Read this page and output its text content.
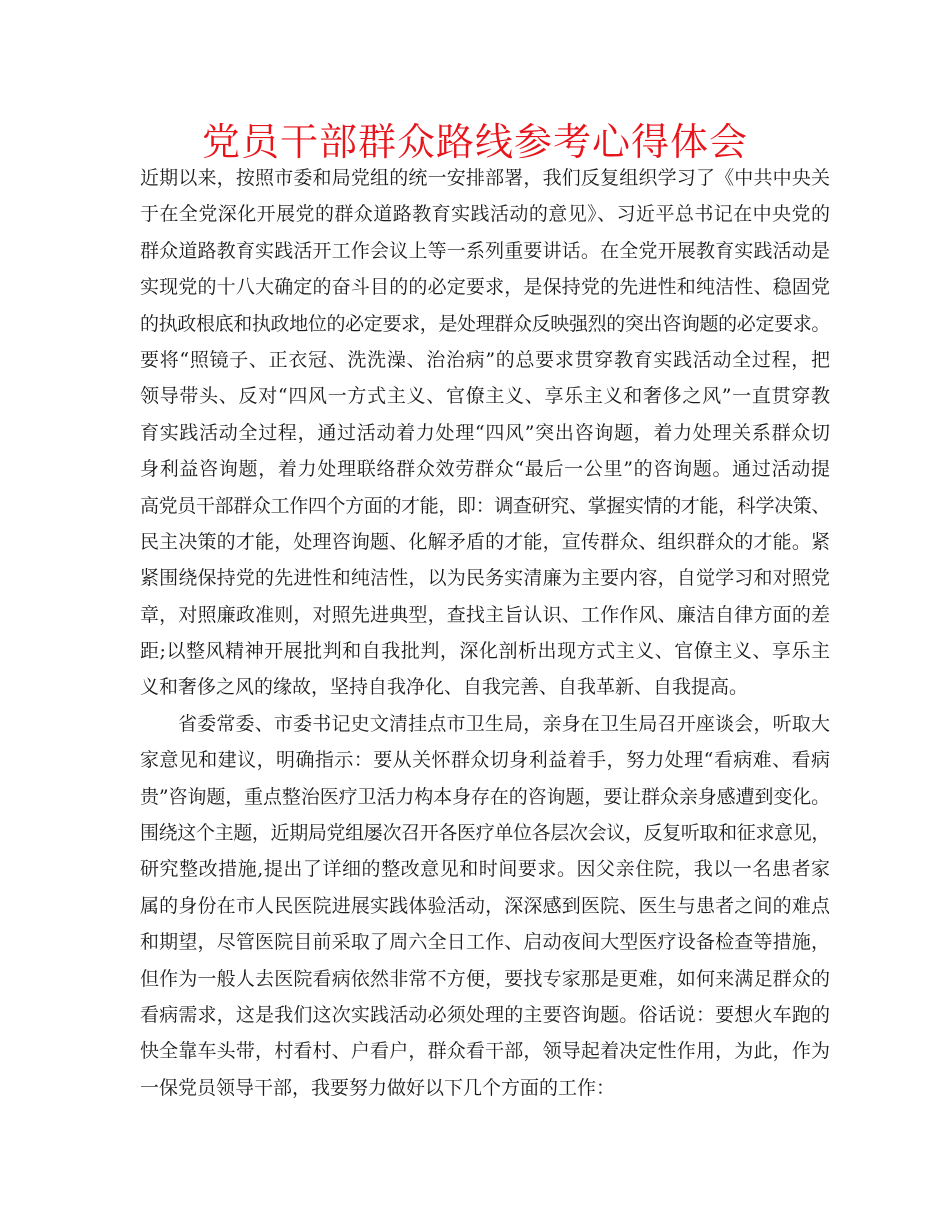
党员干部群众路线参考心得体会
近期以来，按照市委和局党组的统一安排部署，我们反复组织学习了《中共中央关
于在全党深化开展党的群众道路教育实践活动的意见》、习近平总书记在中央党的
群众道路教育实践活开工作会议上等一系列重要讲话。在全党开展教育实践活动是
实现党的十八大确定的奋斗目的的必定要求，是保持党的先进性和纯洁性、稳固党
的执政根底和执政地位的必定要求，是处理群众反映强烈的突出咨询题的必定要求。
要将“照镜子、正衣冠、洗洗澡、治治病”的总要求贯穿教育实践活动全过程，把
领导带头、反对“四风一方式主义、官僚主义、享乐主义和奢侈之风”一直贯穿教
育实践活动全过程，通过活动着力处理“四风”突出咨询题，着力处理关系群众切
身利益咨询题，着力处理联络群众效劳群众“最后一公里”的咨询题。通过活动提
高党员干部群众工作四个方面的才能，即：调查研究、掌握实情的才能，科学决策、
民主决策的才能，处理咨询题、化解矛盾的才能，宣传群众、组织群众的才能。紧
紧围绕保持党的先进性和纯洁性，以为民务实清廉为主要内容，自觉学习和对照党
章，对照廉政准则，对照先进典型，查找主旨认识、工作作风、廉洁自律方面的差
距;以整风精神开展批判和自我批判，深化剖析出现方式主义、官僚主义、享乐主
义和奢侈之风的缘故，坚持自我净化、自我完善、自我革新、自我提高。
省委常委、市委书记史文清挂点市卫生局，亲身在卫生局召开座谈会，听取大
家意见和建议，明确指示：要从关怀群众切身利益着手，努力处理“看病难、看病
贵”咨询题，重点整治医疗卫活力构本身存在的咨询题，要让群众亲身感遭到变化。
围绕这个主题，近期局党组屡次召开各医疗单位各层次会议，反复听取和征求意见，
研究整改措施,提出了详细的整改意见和时间要求。因父亲住院，我以一名患者家
属的身份在市人民医院进展实践体验活动，深深感到医院、医生与患者之间的难点
和期望，尽管医院目前采取了周六全日工作、启动夜间大型医疗设备检查等措施，
但作为一般人去医院看病依然非常不方便，要找专家那是更难，如何来满足群众的
看病需求，这是我们这次实践活动必须处理的主要咨询题。俗话说：要想火车跑的
快全靠车头带，村看村、户看户，群众看干部，领导起着决定性作用，为此，作为
一保党员领导干部，我要努力做好以下几个方面的工作：
